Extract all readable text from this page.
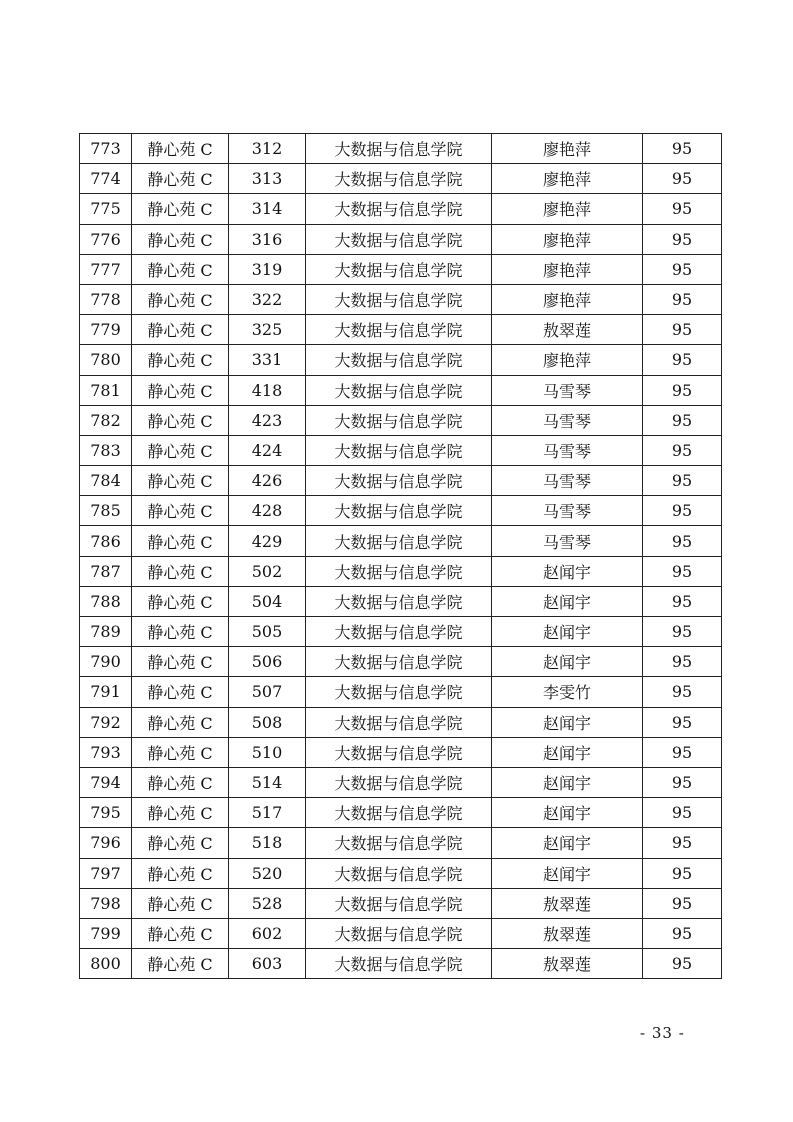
773	静心苑 C	312	大数据与信息学院	廖艳萍	95
774	静心苑 C	313	大数据与信息学院	廖艳萍	95
775	静心苑 C	314	大数据与信息学院	廖艳萍	95
776	静心苑 C	316	大数据与信息学院	廖艳萍	95
777	静心苑 C	319	大数据与信息学院	廖艳萍	95
778	静心苑 C	322	大数据与信息学院	廖艳萍	95
779	静心苑 C	325	大数据与信息学院	敖翠莲	95
780	静心苑 C	331	大数据与信息学院	廖艳萍	95
781	静心苑 C	418	大数据与信息学院	马雪琴	95
782	静心苑 C	423	大数据与信息学院	马雪琴	95
783	静心苑 C	424	大数据与信息学院	马雪琴	95
784	静心苑 C	426	大数据与信息学院	马雪琴	95
785	静心苑 C	428	大数据与信息学院	马雪琴	95
786	静心苑 C	429	大数据与信息学院	马雪琴	95
787	静心苑 C	502	大数据与信息学院	赵闻宇	95
788	静心苑 C	504	大数据与信息学院	赵闻宇	95
789	静心苑 C	505	大数据与信息学院	赵闻宇	95
790	静心苑 C	506	大数据与信息学院	赵闻宇	95
791	静心苑 C	507	大数据与信息学院	李雯竹	95
792	静心苑 C	508	大数据与信息学院	赵闻宇	95
793	静心苑 C	510	大数据与信息学院	赵闻宇	95
794	静心苑 C	514	大数据与信息学院	赵闻宇	95
795	静心苑 C	517	大数据与信息学院	赵闻宇	95
796	静心苑 C	518	大数据与信息学院	赵闻宇	95
797	静心苑 C	520	大数据与信息学院	赵闻宇	95
798	静心苑 C	528	大数据与信息学院	敖翠莲	95
799	静心苑 C	602	大数据与信息学院	敖翠莲	95
800	静心苑 C	603	大数据与信息学院	敖翠莲	95
- 33 -
